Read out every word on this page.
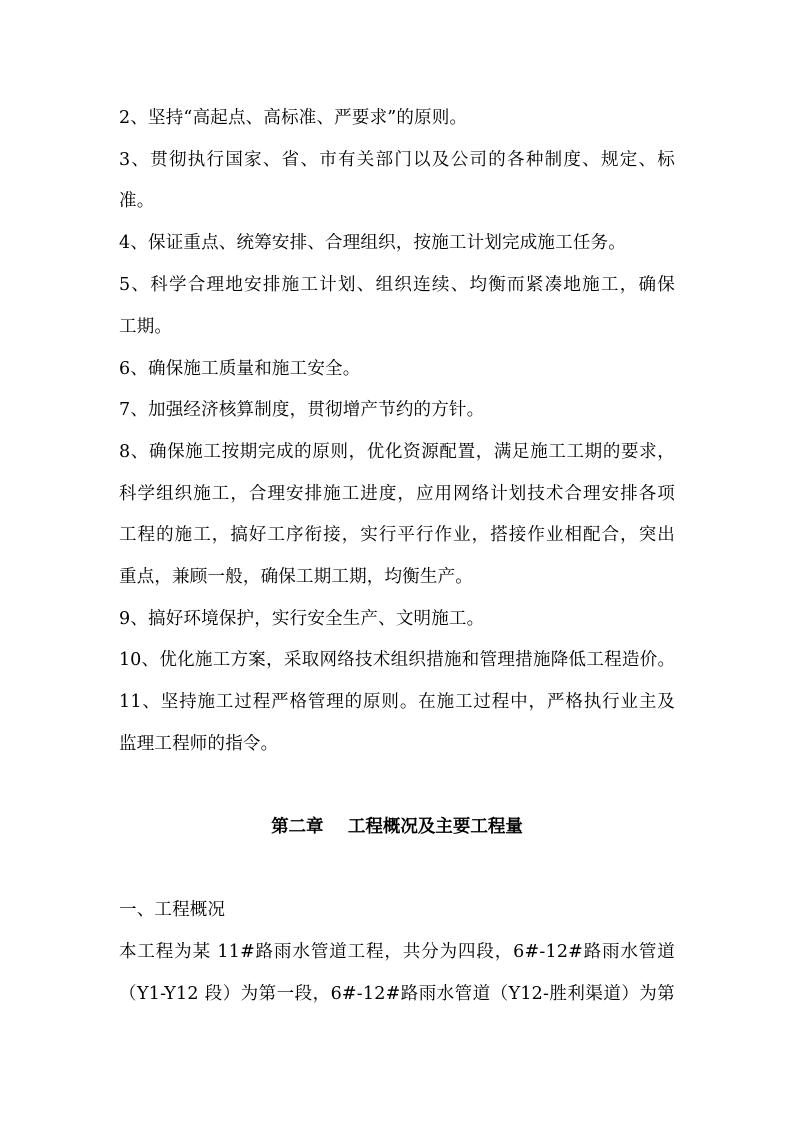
2、坚持“高起点、高标准、严要求”的原则。
3、贯彻执行国家、省、市有关部门以及公司的各种制度、规定、标
准。
4、保证重点、统筹安排、合理组织，按施工计划完成施工任务。
5、科学合理地安排施工计划、组织连续、均衡而紧凑地施工，确保
工期。
6、确保施工质量和施工安全。
7、加强经济核算制度，贯彻增产节约的方针。
8、确保施工按期完成的原则，优化资源配置，满足施工工期的要求，
科学组织施工，合理安排施工进度，应用网络计划技术合理安排各项
工程的施工，搞好工序衔接，实行平行作业，搭接作业相配合，突出
重点，兼顾一般，确保工期工期，均衡生产。
9、搞好环境保护，实行安全生产、文明施工。
10、优化施工方案，采取网络技术组织措施和管理措施降低工程造价。
11、坚持施工过程严格管理的原则。在施工过程中，严格执行业主及
监理工程师的指令。
第二章    工程概况及主要工程量
一、工程概况
本工程为某 11#路雨水管道工程，共分为四段，6#-12#路雨水管道
（Y1-Y12 段）为第一段，6#-12#路雨水管道（Y12-胜利渠道）为第
